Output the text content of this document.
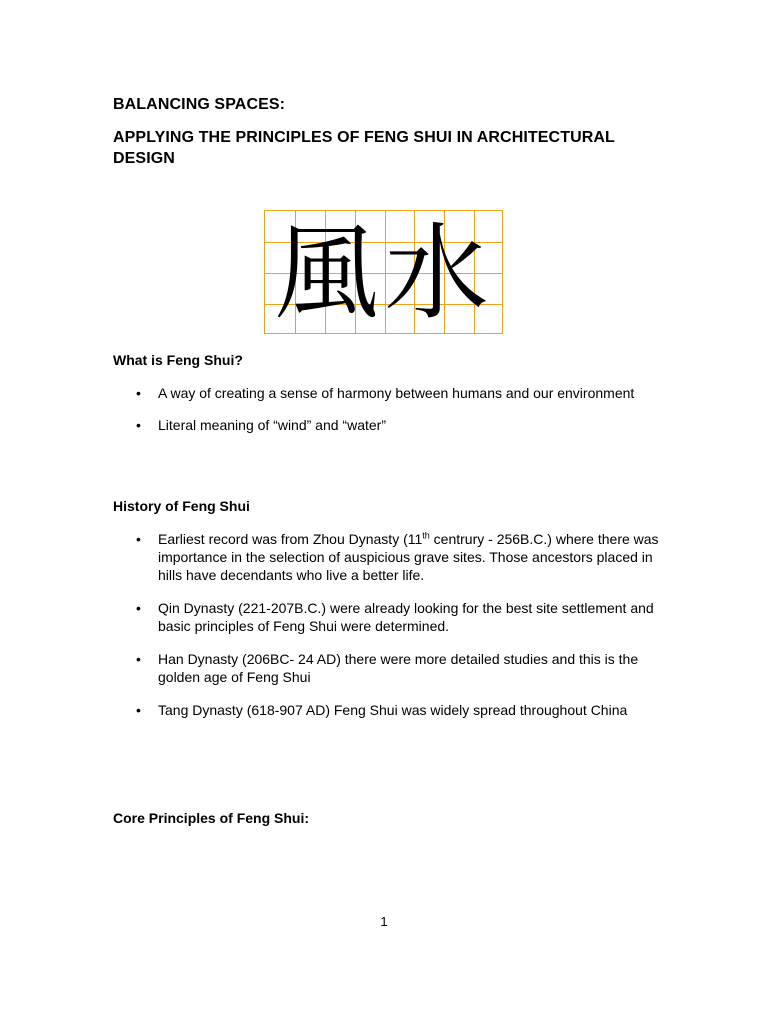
BALANCING SPACES:
APPLYING THE PRINCIPLES OF FENG SHUI IN ARCHITECTURAL DESIGN
風水
What is Feng Shui?
• A way of creating a sense of harmony between humans and our environment
• Literal meaning of “wind” and “water”
History of Feng Shui
• Earliest record was from Zhou Dynasty (11th centrury - 256B.C.) where there was importance in the selection of auspicious grave sites. Those ancestors placed in hills have decendants who live a better life.
• Qin Dynasty (221-207B.C.) were already looking for the best site settlement and basic principles of Feng Shui were determined.
• Han Dynasty (206BC- 24 AD) there were more detailed studies and this is the golden age of Feng Shui
• Tang Dynasty (618-907 AD) Feng Shui was widely spread throughout China
Core Principles of Feng Shui:
1
